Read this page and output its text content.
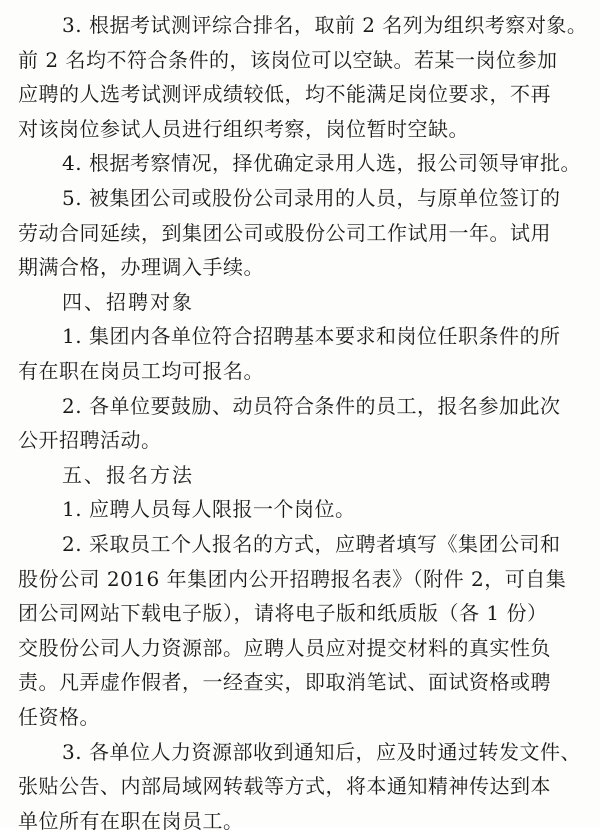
3. 根据考试测评综合排名，取前 2 名列为组织考察对象。
前 2 名均不符合条件的，该岗位可以空缺。若某一岗位参加
应聘的人选考试测评成绩较低，均不能满足岗位要求，不再
对该岗位参试人员进行组织考察，岗位暂时空缺。
4. 根据考察情况，择优确定录用人选，报公司领导审批。
5. 被集团公司或股份公司录用的人员，与原单位签订的
劳动合同延续，到集团公司或股份公司工作试用一年。试用
期满合格，办理调入手续。
四、招聘对象
1. 集团内各单位符合招聘基本要求和岗位任职条件的所
有在职在岗员工均可报名。
2. 各单位要鼓励、动员符合条件的员工，报名参加此次
公开招聘活动。
五、报名方法
1. 应聘人员每人限报一个岗位。
2. 采取员工个人报名的方式，应聘者填写《集团公司和
股份公司 2016 年集团内公开招聘报名表》（附件 2，可自集
团公司网站下载电子版），请将电子版和纸质版（各 1 份）
交股份公司人力资源部。应聘人员应对提交材料的真实性负
责。凡弄虚作假者，一经查实，即取消笔试、面试资格或聘
任资格。
3. 各单位人力资源部收到通知后，应及时通过转发文件、
张贴公告、内部局域网转载等方式，将本通知精神传达到本
单位所有在职在岗员工。
